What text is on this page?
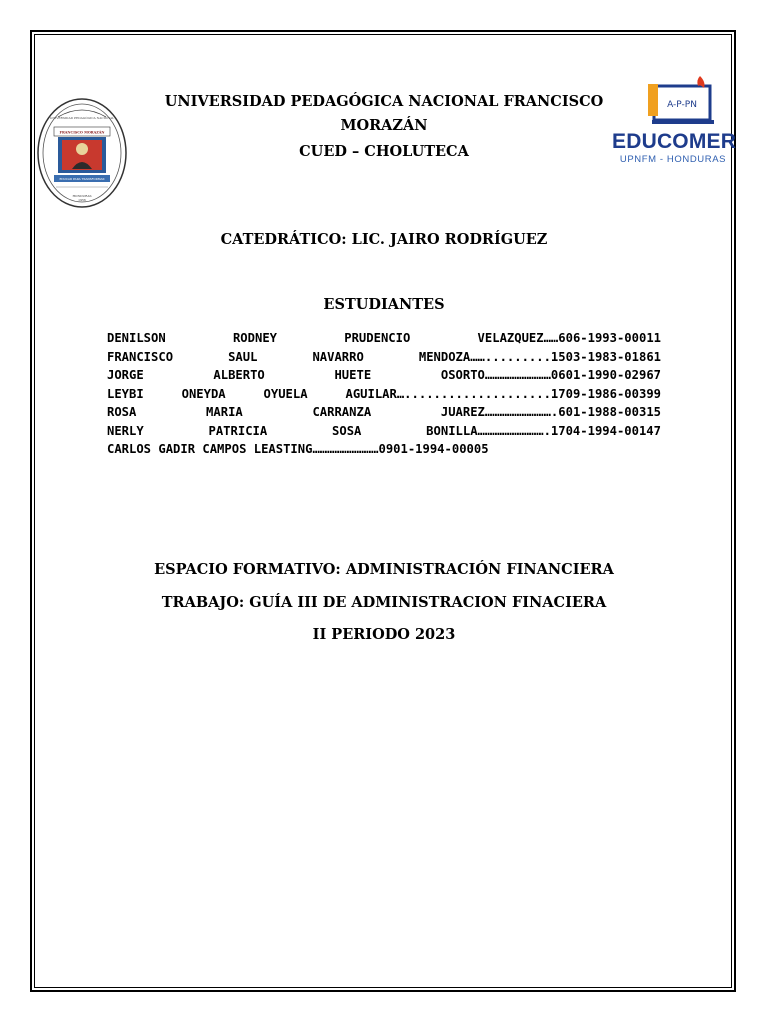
HONDURAS
1956
FRANCISCO MORAZÁN
EDUCAR PARA TRANSFORMAR
UNIVERSIDAD PEDAGÓGICA NACIONAL
A-P-PN
EDUCOMER
UPNFM - HONDURAS
UNIVERSIDAD PEDAGÓGICA NACIONAL FRANCISCO
MORAZÁN
CUED – CHOLUTECA
CATEDRÁTICO: LIC. JAIRO RODRÍGUEZ
ESTUDIANTES
DENILSON RODNEY PRUDENCIO VELAZQUEZ……606-1993-00011
FRANCISCO SAUL NAVARRO MENDOZA…….........1503-1983-01861
JORGE ALBERTO HUETE OSORTO………………………0601-1990-02967
LEYBI ONEYDA OYUELA AGUILAR…....................1709-1986-00399
ROSA MARIA CARRANZA JUAREZ……………………….601-1988-00315
NERLY PATRICIA SOSA BONILLA……………………….1704-1994-00147
CARLOS GADIR CAMPOS LEASTING………………………0901-1994-00005
ESPACIO FORMATIVO: ADMINISTRACIÓN FINANCIERA
TRABAJO: GUÍA III DE ADMINISTRACION FINACIERA
II PERIODO 2023
